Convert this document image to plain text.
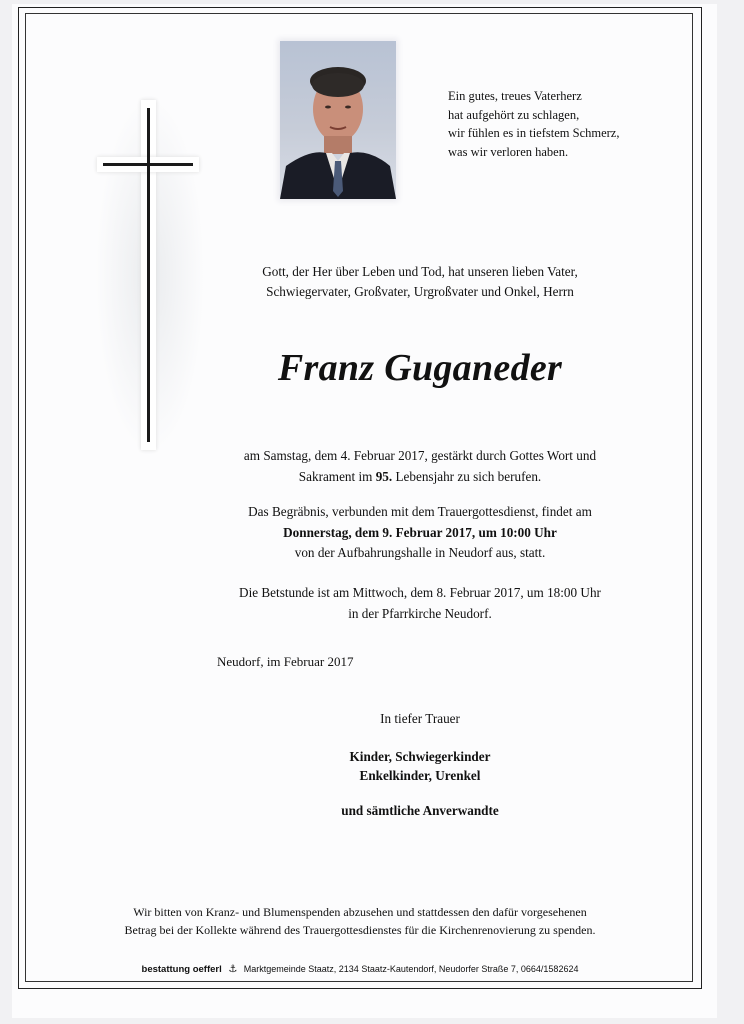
Ein gutes, treues Vaterherz
hat aufgehört zu schlagen,
wir fühlen es in tiefstem Schmerz,
was wir verloren haben.
Gott, der Her über Leben und Tod, hat unseren lieben Vater,
Schwiegervater, Großvater, Urgroßvater und Onkel, Herrn
Franz Guganeder
am Samstag, dem 4. Februar 2017, gestärkt durch Gottes Wort und
Sakrament im 95. Lebensjahr zu sich berufen.
Das Begräbnis, verbunden mit dem Trauergottesdienst, findet am
Donnerstag, dem 9. Februar 2017, um 10:00 Uhr
von der Aufbahrungshalle in Neudorf aus, statt.
Die Betstunde ist am Mittwoch, dem 8. Februar 2017, um 18:00 Uhr
in der Pfarrkirche Neudorf.
Neudorf, im Februar 2017
In tiefer Trauer
Kinder, Schwiegerkinder
Enkelkinder, Urenkel
und sämtliche Anverwandte
Wir bitten von Kranz- und Blumenspenden abzusehen und stattdessen den dafür vorgesehenen
Betrag bei der Kollekte während des Trauergottesdienstes für die Kirchenrenovierung zu spenden.
bestattung oefferl ⚓ Marktgemeinde Staatz, 2134 Staatz-Kautendorf, Neudorfer Straße 7, 0664/1582624
